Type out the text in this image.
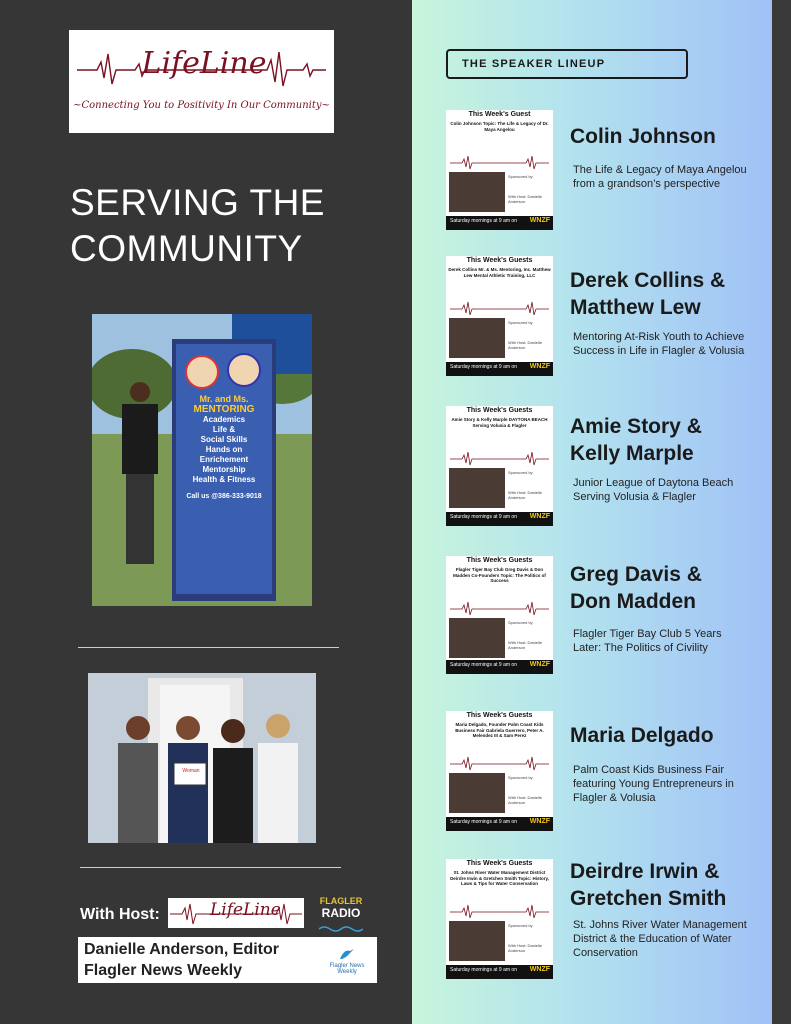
LifeLine
~Connecting You to Positivity In Our Community~
SERVING THE
COMMUNITY
Mr. and Ms.
MENTORING
Academics
Life &
Social Skills
Hands on
Enrichement
Mentorship
Health & Fitness
Call us @386-333-9018
Woman
With Host:	LifeLine	FLAGLER
RADIO
Danielle Anderson, Editor
Flagler News Weekly	Flagler News Weekly
THE SPEAKER LINEUP
This Week's Guest
Colin Johnson Topic: The Life & Legacy of Dr. Maya Angelou
Sponsored by
With Host: Danielle Anderson
Saturday mornings at 9 am on WNZF
Colin Johnson
The Life & Legacy of Maya Angelou from a grandson’s perspective
This Week's Guests
Derek Collins Mr. & Ms. Mentoring, Inc. Matthew Lew Mental Athletic Training, LLC
Sponsored by
With Host: Danielle Anderson
Saturday mornings at 9 am on WNZF
Derek Collins &
Matthew Lew
Mentoring At-Risk Youth to Achieve Success in Life in Flagler & Volusia
This Week's Guests
Amie Story & Kelly Marple DAYTONA BEACH Serving Volusia & Flagler
Sponsored by
With Host: Danielle Anderson
Saturday mornings at 9 am on WNZF
Amie Story &
Kelly Marple
Junior League of Daytona Beach Serving Volusia & Flagler
This Week's Guests
Flagler Tiger Bay Club Greg Davis & Don Madden Co-Founders Topic: The Politics of Success
Sponsored by
With Host: Danielle Anderson
Saturday mornings at 9 am on WNZF
Greg Davis &
Don Madden
Flagler Tiger Bay Club 5 Years Later: The Politics of Civility
This Week's Guests
Maria Delgado, Founder Palm Coast Kids Business Fair Gabriela Guerrero, Peter A. Melendez III & Sam Perez
Sponsored by
With Host: Danielle Anderson
Saturday mornings at 9 am on WNZF
Maria Delgado
Palm Coast Kids Business Fair featuring Young Entrepreneurs in Flagler & Volusia
This Week's Guests
St. Johns River Water Management District Deirdre Irwin & Gretchen Smith Topic: History, Laws & Tips for Water Conservation
Sponsored by
With Host: Danielle Anderson
Saturday mornings at 9 am on WNZF
Deirdre Irwin &
Gretchen Smith
St. Johns River Water Management District & the Education of Water Conservation
